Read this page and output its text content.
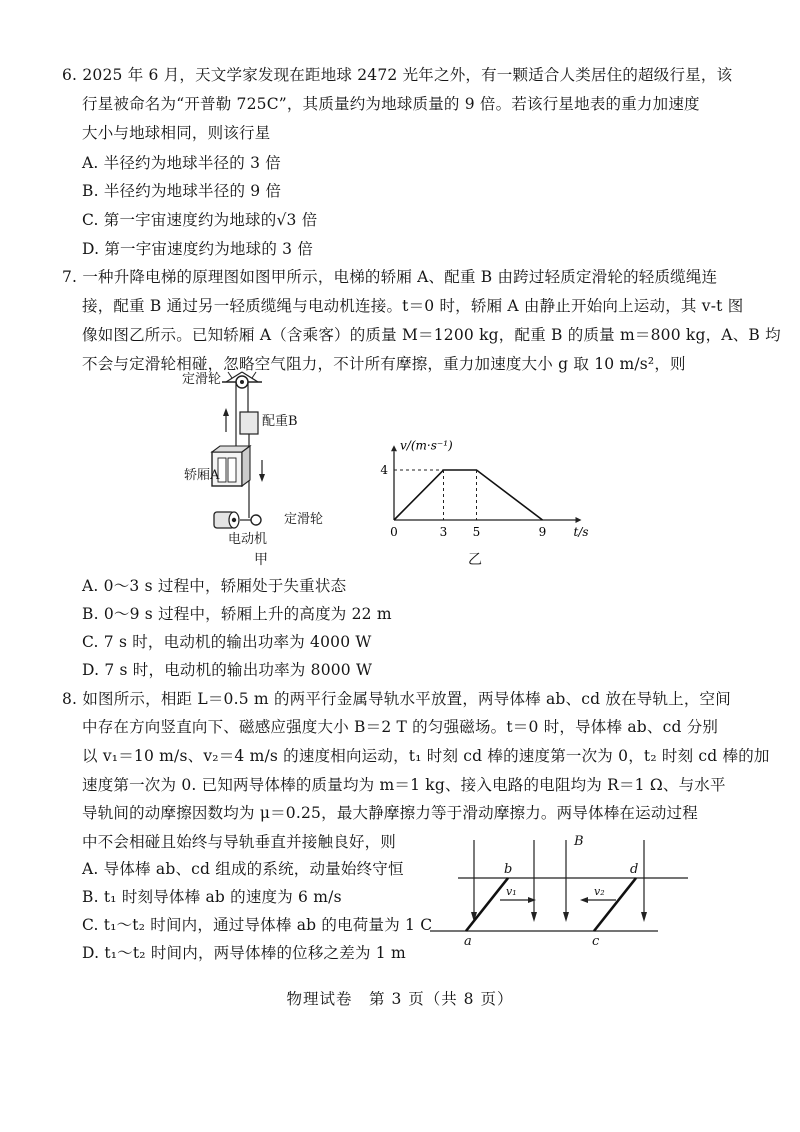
6. 2025 年 6 月，天文学家发现在距地球 2472 光年之外，有一颗适合人类居住的超级行星，该
行星被命名为“开普勒 725C”，其质量约为地球质量的 9 倍。若该行星地表的重力加速度
大小与地球相同，则该行星
A. 半径约为地球半径的 3 倍
B. 半径约为地球半径的 9 倍
C. 第一宇宙速度约为地球的√3 倍
D. 第一宇宙速度约为地球的 3 倍
7. 一种升降电梯的原理图如图甲所示，电梯的轿厢 A、配重 B 由跨过轻质定滑轮的轻质缆绳连
接，配重 B 通过另一轻质缆绳与电动机连接。t＝0 时，轿厢 A 由静止开始向上运动，其 v-t 图
像如图乙所示。已知轿厢 A（含乘客）的质量 M＝1200 kg，配重 B 的质量 m＝800 kg，A、B 均
不会与定滑轮相碰，忽略空气阻力，不计所有摩擦，重力加速度大小 g 取 10 m/s²，则
定滑轮
配重B
轿厢A
定滑轮
电动机
甲
0	3 5	9
4
v/(m·s⁻¹)
t/s
乙
A. 0～3 s 过程中，轿厢处于失重状态
B. 0～9 s 过程中，轿厢上升的高度为 22 m
C. 7 s 时，电动机的输出功率为 4000 W
D. 7 s 时，电动机的输出功率为 8000 W
8. 如图所示，相距 L＝0.5 m 的两平行金属导轨水平放置，两导体棒 ab、cd 放在导轨上，空间
中存在方向竖直向下、磁感应强度大小 B＝2 T 的匀强磁场。t＝0 时，导体棒 ab、cd 分别
以 v₁＝10 m/s、v₂＝4 m/s 的速度相向运动，t₁ 时刻 cd 棒的速度第一次为 0，t₂ 时刻 cd 棒的加
速度第一次为 0. 已知两导体棒的质量均为 m＝1 kg、接入电路的电阻均为 R＝1 Ω、与水平
导轨间的动摩擦因数均为 μ＝0.25，最大静摩擦力等于滑动摩擦力。两导体棒在运动过程
中不会相碰且始终与导轨垂直并接触良好，则
A. 导体棒 ab、cd 组成的系统，动量始终守恒
B. t₁ 时刻导体棒 ab 的速度为 6 m/s
C. t₁～t₂ 时间内，通过导体棒 ab 的电荷量为 1 C
D. t₁～t₂ 时间内，两导体棒的位移之差为 1 m
B
b	d
a	c
v₁	v₂
物理试卷　第 3 页（共 8 页）
